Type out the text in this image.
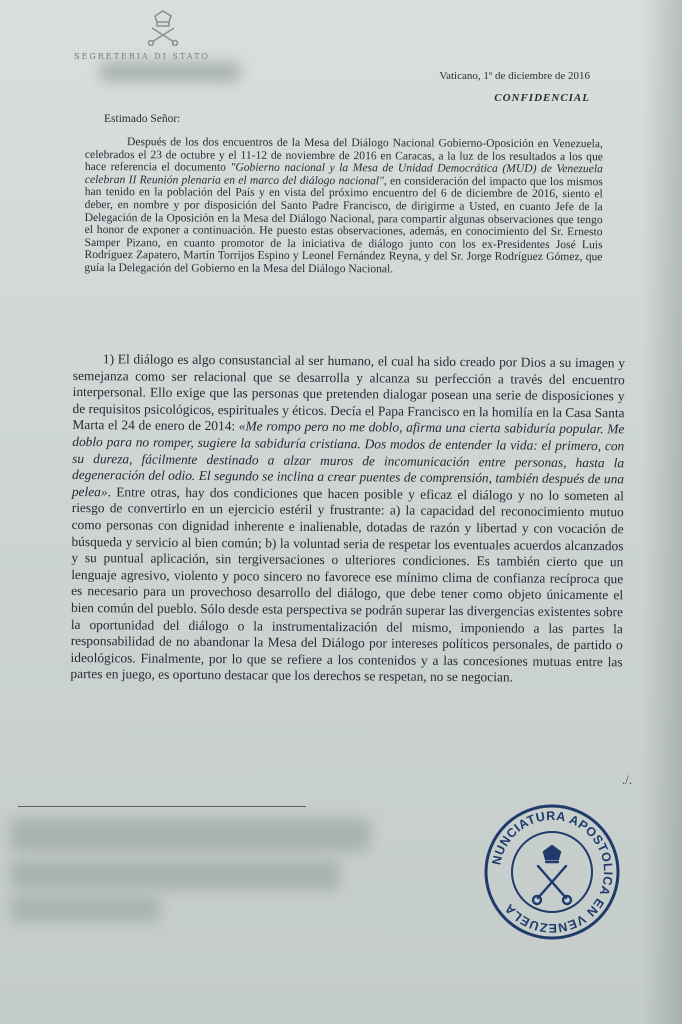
SEGRETERIA DI STATO
Vaticano, 1º de diciembre de 2016
CONFIDENCIAL
Estimado Señor:
Después de los dos encuentros de la Mesa del Diálogo Nacional Gobierno-Oposición en Venezuela, celebrados el 23 de octubre y el 11-12 de noviembre de 2016 en Caracas, a la luz de los resultados a los que hace referencia el documento "Gobierno nacional y la Mesa de Unidad Democrática (MUD) de Venezuela celebran II Reunión plenaria en el marco del diálogo nacional", en consideración del impacto que los mismos han tenido en la población del País y en vista del próximo encuentro del 6 de diciembre de 2016, siento el deber, en nombre y por disposición del Santo Padre Francisco, de dirigirme a Usted, en cuanto Jefe de la Delegación de la Oposición en la Mesa del Diálogo Nacional, para compartir algunas observaciones que tengo el honor de exponer a continuación. He puesto estas observaciones, además, en conocimiento del Sr. Ernesto Samper Pizano, en cuanto promotor de la iniciativa de diálogo junto con los ex-Presidentes José Luis Rodríguez Zapatero, Martín Torrijos Espino y Leonel Fernández Reyna, y del Sr. Jorge Rodríguez Gómez, que guía la Delegación del Gobierno en la Mesa del Diálogo Nacional.
1) El diálogo es algo consustancial al ser humano, el cual ha sido creado por Dios a su imagen y semejanza como ser relacional que se desarrolla y alcanza su perfección a través del encuentro interpersonal. Ello exige que las personas que pretenden dialogar posean una serie de disposiciones y de requisitos psicológicos, espirituales y éticos. Decía el Papa Francisco en la homilía en la Casa Santa Marta el 24 de enero de 2014: «Me rompo pero no me doblo, afirma una cierta sabiduría popular. Me doblo para no romper, sugiere la sabiduría cristiana. Dos modos de entender la vida: el primero, con su dureza, fácilmente destinado a alzar muros de incomunicación entre personas, hasta la degeneración del odio. El segundo se inclina a crear puentes de comprensión, también después de una pelea». Entre otras, hay dos condiciones que hacen posible y eficaz el diálogo y no lo someten al riesgo de convertirlo en un ejercicio estéril y frustrante: a) la capacidad del reconocimiento mutuo como personas con dignidad inherente e inalienable, dotadas de razón y libertad y con vocación de búsqueda y servicio al bien común; b) la voluntad seria de respetar los eventuales acuerdos alcanzados y su puntual aplicación, sin tergiversaciones o ulteriores condiciones. Es también cierto que un lenguaje agresivo, violento y poco sincero no favorece ese mínimo clima de confianza recíproca que es necesario para un provechoso desarrollo del diálogo, que debe tener como objeto únicamente el bien común del pueblo. Sólo desde esta perspectiva se podrán superar las divergencias existentes sobre la oportunidad del diálogo o la instrumentalización del mismo, imponiendo a las partes la responsabilidad de no abandonar la Mesa del Diálogo por intereses políticos personales, de partido o ideológicos. Finalmente, por lo que se refiere a los contenidos y a las concesiones mutuas entre las partes en juego, es oportuno destacar que los derechos se respetan, no se negocian.
./.
NUNCIATURA APOSTOLICA EN VENEZUELA
